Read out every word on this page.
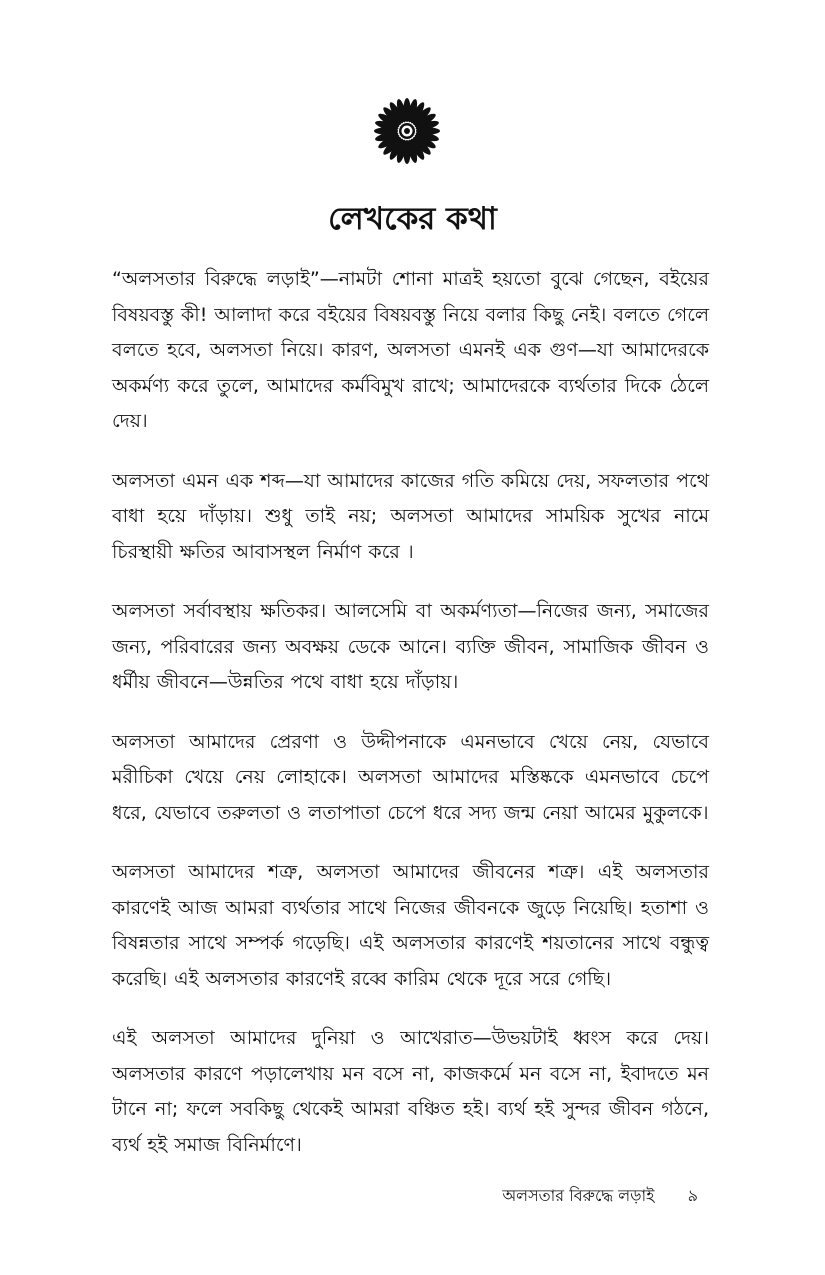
লেখকের কথা

“অলসতার বিরুদ্ধে লড়াই”—নামটা শোনা মাত্রই হয়তো বুঝে গেছেন, বইয়ের বিষয়বস্তু কী! আলাদা করে বইয়ের বিষয়বস্তু নিয়ে বলার কিছু নেই। বলতে গেলে বলতে হবে, অলসতা নিয়ে। কারণ, অলসতা এমনই এক গুণ—যা আমাদেরকে অকর্মণ্য করে তুলে, আমাদের কর্মবিমুখ রাখে; আমাদেরকে ব্যর্থতার দিকে ঠেলে দেয়।

অলসতা এমন এক শব্দ—যা আমাদের কাজের গতি কমিয়ে দেয়, সফলতার পথে বাধা হয়ে দাঁড়ায়। শুধু তাই নয়; অলসতা আমাদের সাময়িক সুখের নামে চিরস্থায়ী ক্ষতির আবাসস্থল নির্মাণ করে ।

অলসতা সর্বাবস্থায় ক্ষতিকর। আলসেমি বা অকর্মণ্যতা—নিজের জন্য, সমাজের জন্য, পরিবারের জন্য অবক্ষয় ডেকে আনে। ব্যক্তি জীবন, সামাজিক জীবন ও ধর্মীয় জীবনে—উন্নতির পথে বাধা হয়ে দাঁড়ায়।

অলসতা আমাদের প্রেরণা ও উদ্দীপনাকে এমনভাবে খেয়ে নেয়, যেভাবে মরীচিকা খেয়ে নেয় লোহাকে। অলসতা আমাদের মস্তিষ্ককে এমনভাবে চেপে ধরে, যেভাবে তরুলতা ও লতাপাতা চেপে ধরে সদ্য জন্ম নেয়া আমের মুকুলকে।

অলসতা আমাদের শত্রু, অলসতা আমাদের জীবনের শত্রু। এই অলসতার কারণেই আজ আমরা ব্যর্থতার সাথে নিজের জীবনকে জুড়ে নিয়েছি। হতাশা ও বিষন্নতার সাথে সম্পর্ক গড়েছি। এই অলসতার কারণেই শয়তানের সাথে বন্ধুত্ব করেছি। এই অলসতার কারণেই রব্বে কারিম থেকে দূরে সরে গেছি।

এই অলসতা আমাদের দুনিয়া ও আখেরাত—উভয়টাই ধ্বংস করে দেয়। অলসতার কারণে পড়ালেখায় মন বসে না, কাজকর্মে মন বসে না, ইবাদতে মন টানে না; ফলে সবকিছু থেকেই আমরা বঞ্চিত হই। ব্যর্থ হই সুন্দর জীবন গঠনে, ব্যর্থ হই সমাজ বিনির্মাণে।

অলসতার বিরুদ্ধে লড়াই ৯
